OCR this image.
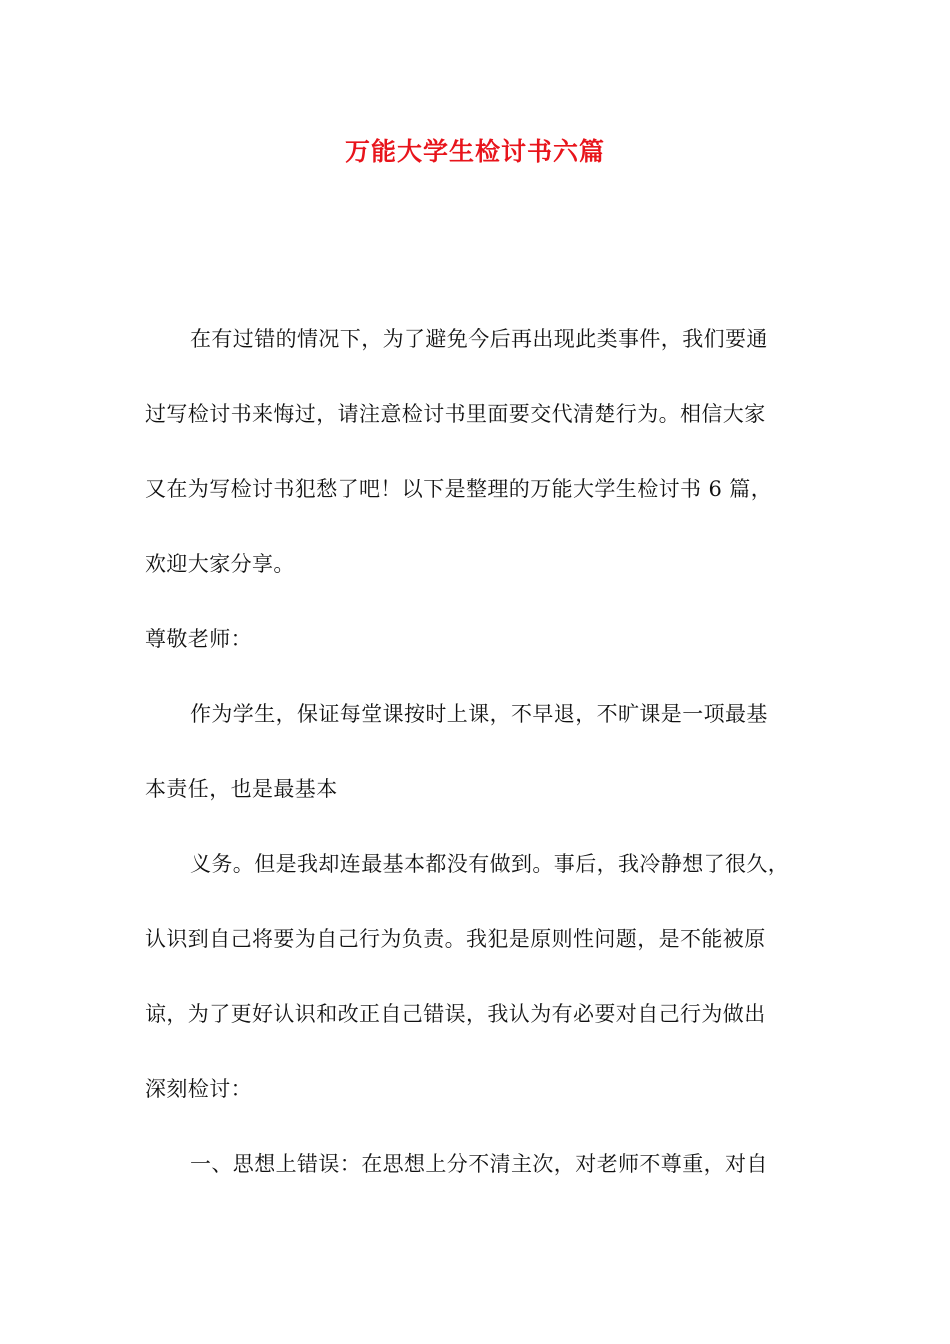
万能大学生检讨书六篇
在有过错的情况下，为了避免今后再出现此类事件，我们要通
过写检讨书来悔过，请注意检讨书里面要交代清楚行为。相信大家
又在为写检讨书犯愁了吧！以下是整理的万能大学生检讨书 6 篇，
欢迎大家分享。
尊敬老师：
作为学生，保证每堂课按时上课，不早退，不旷课是一项最基
本责任，也是最基本
义务。但是我却连最基本都没有做到。事后，我冷静想了很久，
认识到自己将要为自己行为负责。我犯是原则性问题，是不能被原
谅，为了更好认识和改正自己错误，我认为有必要对自己行为做出
深刻检讨：
一、思想上错误：在思想上分不清主次，对老师不尊重，对自
